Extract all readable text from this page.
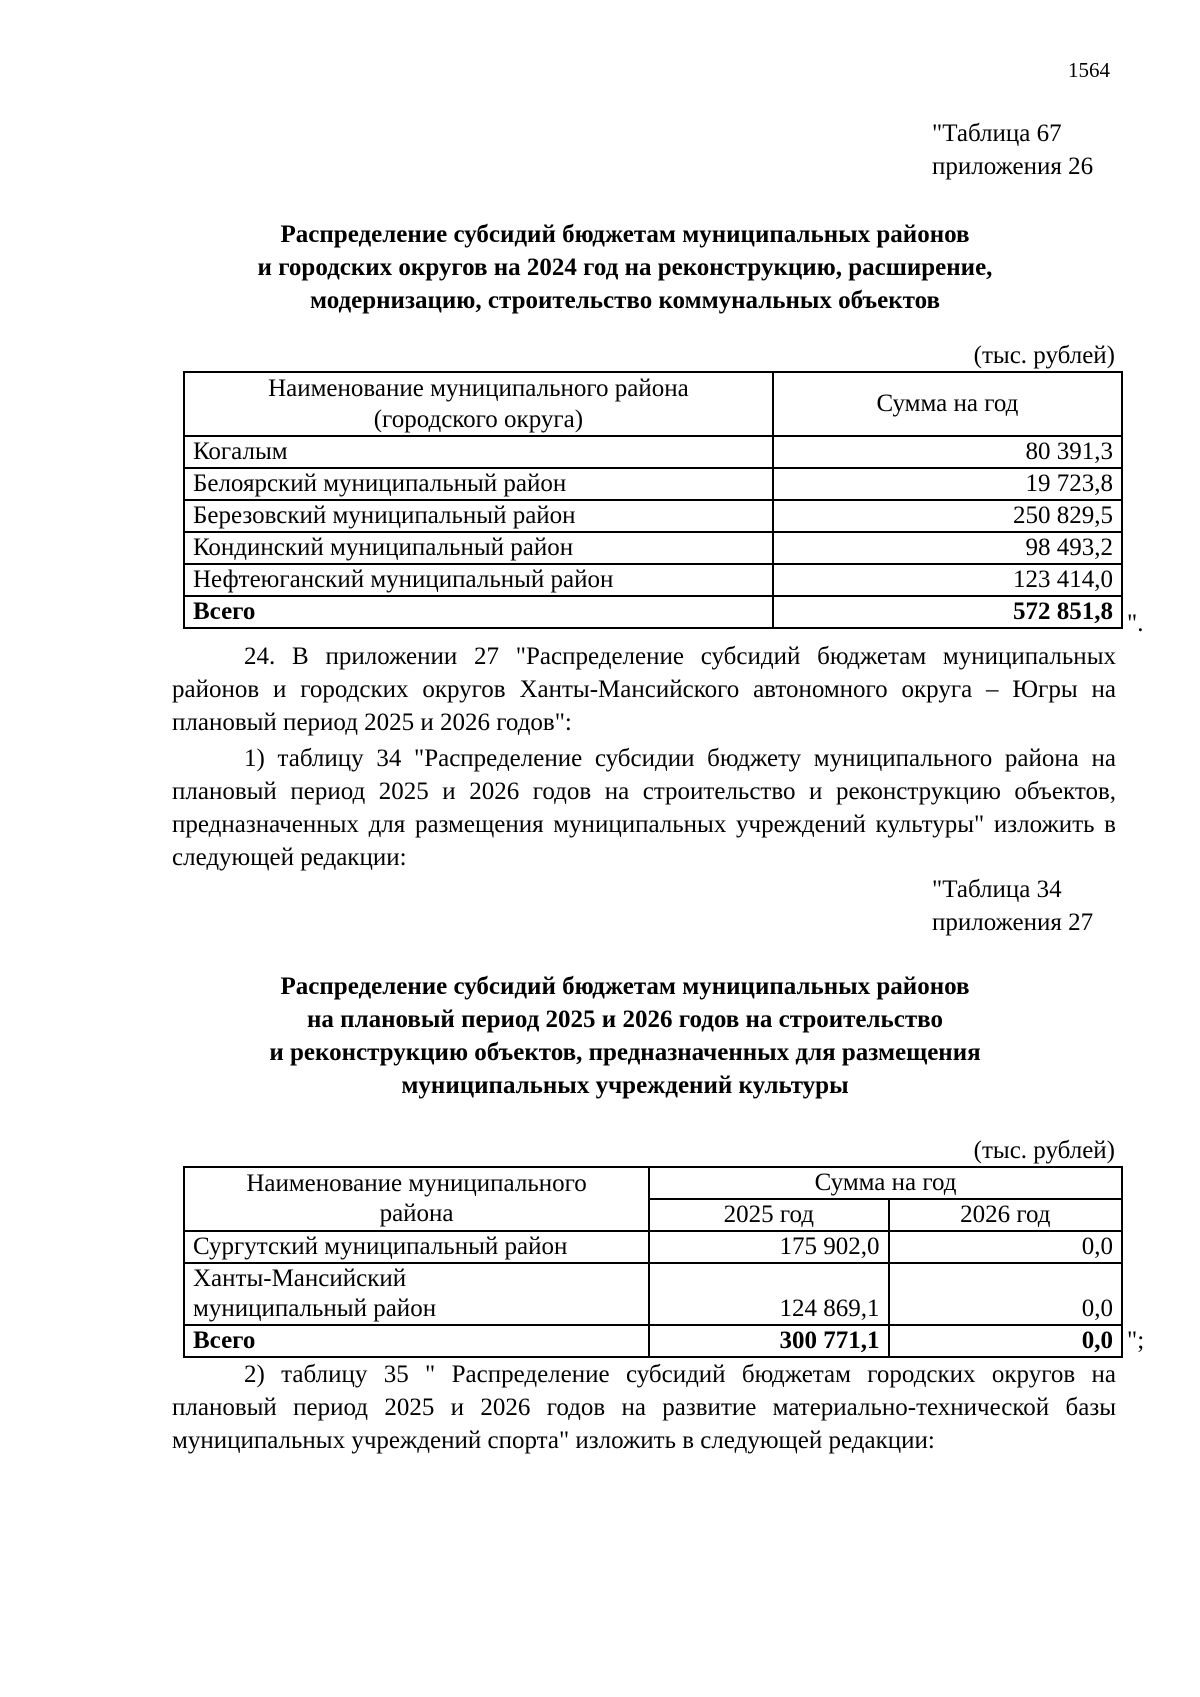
1564
"Таблица 67
приложения 26
Распределение субсидий бюджетам муниципальных районов
и городских округов на 2024 год на реконструкцию, расширение,
модернизацию, строительство коммунальных объектов
(тыс. рублей)
Наименование муниципального района
(городского округа)	Сумма на год
Когалым	80 391,3
Белоярский муниципальный район	19 723,8
Березовский муниципальный район	250 829,5
Кондинский муниципальный район	98 493,2
Нефтеюганский муниципальный район	123 414,0
Всего	572 851,8 ".
24. В приложении 27 "Распределение субсидий бюджетам муниципальных районов и городских округов Ханты-Мансийского автономного округа – Югры на плановый период 2025 и 2026 годов":
1) таблицу 34 "Распределение субсидии бюджету муниципального района на плановый период 2025 и 2026 годов на строительство и реконструкцию объектов, предназначенных для размещения муниципальных учреждений культуры" изложить в следующей редакции:
"Таблица 34
приложения 27
Распределение субсидий бюджетам муниципальных районов
на плановый период 2025 и 2026 годов на строительство
и реконструкцию объектов, предназначенных для размещения
муниципальных учреждений культуры
(тыс. рублей)
Наименование муниципального
района	Сумма на год	
	2025 год	2026 год
Сургутский муниципальный район	175 902,0	0,0

Ханты-Мансийский
муниципальный район	124 869,1	0,0
Всего	300 771,1	0,0 ";
2) таблицу 35 " Распределение субсидий бюджетам городских округов на плановый период 2025 и 2026 годов на развитие материально-технической базы муниципальных учреждений спорта" изложить в следующей редакции:
